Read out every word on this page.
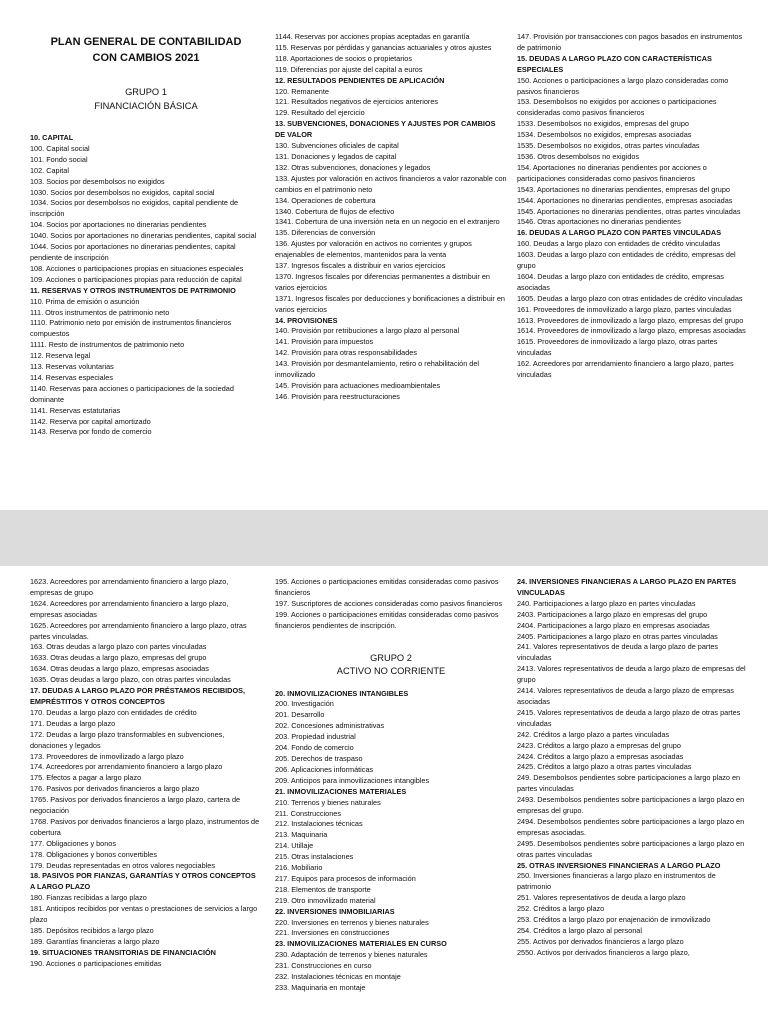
PLAN GENERAL DE CONTABILIDAD
CON CAMBIOS 2021
GRUPO 1
FINANCIACIÓN BÁSICA

10. CAPITAL

100. Capital social

101. Fondo social

102. Capital

103. Socios por desembolsos no exigidos

1030. Socios por desembolsos no exigidos, capital social

1034. Socios por desembolsos no exigidos, capital pendiente de inscripción

104. Socios por aportaciones no dinerarias pendientes

1040. Socios por aportaciones no dinerarias pendientes, capital social

1044. Socios por aportaciones no dinerarias pendientes, capital pendiente de inscripción

108. Acciones o participaciones propias en situaciones especiales

109. Acciones o participaciones propias para reducción de capital

11. RESERVAS Y OTROS INSTRUMENTOS DE PATRIMONIO

110. Prima de emisión o asunción

111. Otros instrumentos de patrimonio neto

1110. Patrimonio neto por emisión de instrumentos financieros compuestos

1111. Resto de instrumentos de patrimonio neto

112. Reserva legal

113. Reservas voluntarias

114. Reservas especiales

1140. Reservas para acciones o participaciones de la sociedad dominante

1141. Reservas estatutarias

1142. Reserva por capital amortizado

1143. Reserva por fondo de comercio

1144. Reservas por acciones propias aceptadas en garantía

115. Reservas por pérdidas y ganancias actuariales y otros ajustes

118. Aportaciones de socios o propietarios

119. Diferencias por ajuste del capital a euros

12. RESULTADOS PENDIENTES DE APLICACIÓN

120. Remanente

121. Resultados negativos de ejercicios anteriores

129. Resultado del ejercicio

13. SUBVENCIONES, DONACIONES Y AJUSTES POR CAMBIOS DE VALOR

130. Subvenciones oficiales de capital

131. Donaciones y legados de capital

132. Otras subvenciones, donaciones y legados

133. Ajustes por valoración en activos financieros a valor razonable con cambios en el patrimonio neto

134. Operaciones de cobertura

1340. Cobertura de flujos de efectivo

1341. Cobertura de una inversión neta en un negocio en el extranjero

135. Diferencias de conversión

136. Ajustes por valoración en activos no corrientes y grupos enajenables de elementos, mantenidos para la venta

137. Ingresos fiscales a distribuir en varios ejercicios

1370. Ingresos fiscales por diferencias permanentes a distribuir en varios ejercicios

1371. Ingresos fiscales por deducciones y bonificaciones a distribuir en varios ejercicios

14. PROVISIONES

140. Provisión por retribuciones a largo plazo al personal

141. Provisión para impuestos

142. Provisión para otras responsabilidades

143. Provisión por desmantelamiento, retiro o rehabilitación del inmovilizado

145. Provisión para actuaciones medioambientales

146. Provisión para reestructuraciones

147. Provisión por transacciones con pagos basados en instrumentos de patrimonio

15. DEUDAS A LARGO PLAZO CON CARACTERÍSTICAS ESPECIALES

150. Acciones o participaciones a largo plazo consideradas como pasivos financieros

153. Desembolsos no exigidos por acciones o participaciones consideradas como pasivos financieros

1533. Desembolsos no exigidos, empresas del grupo

1534. Desembolsos no exigidos, empresas asociadas

1535. Desembolsos no exigidos, otras partes vinculadas

1536. Otros desembolsos no exigidos

154. Aportaciones no dinerarias pendientes por acciones o participaciones consideradas como pasivos financieros

1543. Aportaciones no dinerarias pendientes, empresas del grupo

1544. Aportaciones no dinerarias pendientes, empresas asociadas

1545. Aportaciones no dinerarias pendientes, otras partes vinculadas

1546. Otras aportaciones no dinerarias pendientes

16. DEUDAS A LARGO PLAZO CON PARTES VINCULADAS

160. Deudas a largo plazo con entidades de crédito vinculadas

1603. Deudas a largo plazo con entidades de crédito, empresas del grupo

1604. Deudas a largo plazo con entidades de crédito, empresas asociadas

1605. Deudas a largo plazo con otras entidades de crédito vinculadas

161. Proveedores de inmovilizado a largo plazo, partes vinculadas

1613. Proveedores de inmovilizado a largo plazo, empresas del grupo

1614. Proveedores de inmovilizado a largo plazo, empresas asociadas

1615. Proveedores de inmovilizado a largo plazo, otras partes vinculadas

162. Acreedores por arrendamiento financiero a largo plazo, partes vinculadas

1623. Acreedores por arrendamiento financiero a largo plazo, empresas de grupo

1624. Acreedores por arrendamiento financiero a largo plazo, empresas asociadas

1625. Acreedores por arrendamiento financiero a largo plazo, otras partes vinculadas.

163. Otras deudas a largo plazo con partes vinculadas

1633. Otras deudas a largo plazo, empresas del grupo

1634. Otras deudas a largo plazo, empresas asociadas

1635. Otras deudas a largo plazo, con otras partes vinculadas

17. DEUDAS A LARGO PLAZO POR PRÉSTAMOS RECIBIDOS, EMPRÉSTITOS Y OTROS CONCEPTOS

170. Deudas a largo plazo con entidades de crédito

171. Deudas a largo plazo

172. Deudas a largo plazo transformables en subvenciones, donaciones y legados

173. Proveedores de inmovilizado a largo plazo

174. Acreedores por arrendamiento financiero a largo plazo

175. Efectos a pagar a largo plazo

176. Pasivos por derivados financieros a largo plazo

1765. Pasivos por derivados financieros a largo plazo, cartera de negociación

1768. Pasivos por derivados financieros a largo plazo, instrumentos de cobertura

177. Obligaciones y bonos

178. Obligaciones y bonos convertibles

179. Deudas representadas en otros valores negociables

18. PASIVOS POR FIANZAS, GARANTÍAS Y OTROS CONCEPTOS A LARGO PLAZO

180. Fianzas recibidas a largo plazo

181. Anticipos recibidos por ventas o prestaciones de servicios a largo plazo

185. Depósitos recibidos a largo plazo

189. Garantías financieras a largo plazo

19. SITUACIONES TRANSITORIAS DE FINANCIACIÓN

190. Acciones o participaciones emitidas

195. Acciones o participaciones emitidas consideradas como pasivos financieros

197. Suscriptores de acciones consideradas como pasivos financieros

199. Acciones o participaciones emitidas consideradas como pasivos financieros pendientes de inscripción.

GRUPO 2
ACTIVO NO CORRIENTE

20. INMOVILIZACIONES INTANGIBLES

200. Investigación

201. Desarrollo

202. Concesiones administrativas

203. Propiedad industrial

204. Fondo de comercio

205. Derechos de traspaso

206. Aplicaciones informáticas

209. Anticipos para inmovilizaciones intangibles

21. INMOVILIZACIONES MATERIALES

210. Terrenos y bienes naturales

211. Construcciones

212. Instalaciones técnicas

213. Maquinaria

214. Utillaje

215. Otras instalaciones

216. Mobiliario

217. Equipos para procesos de información

218. Elementos de transporte

219. Otro inmovilizado material

22. INVERSIONES INMOBILIARIAS

220. Inversiones en terrenos y bienes naturales

221. Inversiones en construcciones

23. INMOVILIZACIONES MATERIALES EN CURSO

230. Adaptación de terrenos y bienes naturales

231. Construcciones en curso

232. Instalaciones técnicas en montaje

233. Maquinaria en montaje

24. INVERSIONES FINANCIERAS A LARGO PLAZO EN PARTES VINCULADAS

240. Participaciones a largo plazo en partes vinculadas

2403. Participaciones a largo plazo en empresas del grupo

2404. Participaciones a largo plazo en empresas asociadas

2405. Participaciones a largo plazo en otras partes vinculadas

241. Valores representativos de deuda a largo plazo de partes vinculadas

2413. Valores representativos de deuda a largo plazo de empresas del grupo

2414. Valores representativos de deuda a largo plazo de empresas asociadas

2415. Valores representativos de deuda a largo plazo de otras partes vinculadas

242. Créditos a largo plazo a partes vinculadas

2423. Créditos a largo plazo a empresas del grupo

2424. Créditos a largo plazo a empresas asociadas

2425. Créditos a largo plazo a otras partes vinculadas

249. Desembolsos pendientes sobre participaciones a largo plazo en partes vinculadas

2493. Desembolsos pendientes sobre participaciones a largo plazo en empresas del grupo.

2494. Desembolsos pendientes sobre participaciones a largo plazo en empresas asociadas.

2495. Desembolsos pendientes sobre participaciones a largo plazo en otras partes vinculadas

25. OTRAS INVERSIONES FINANCIERAS A LARGO PLAZO

250. Inversiones financieras a largo plazo en instrumentos de patrimonio

251. Valores representativos de deuda a largo plazo

252. Créditos a largo plazo

253. Créditos a largo plazo por enajenación de inmovilizado

254. Créditos a largo plazo al personal

255. Activos por derivados financieros a largo plazo

2550. Activos por derivados financieros a largo plazo,
